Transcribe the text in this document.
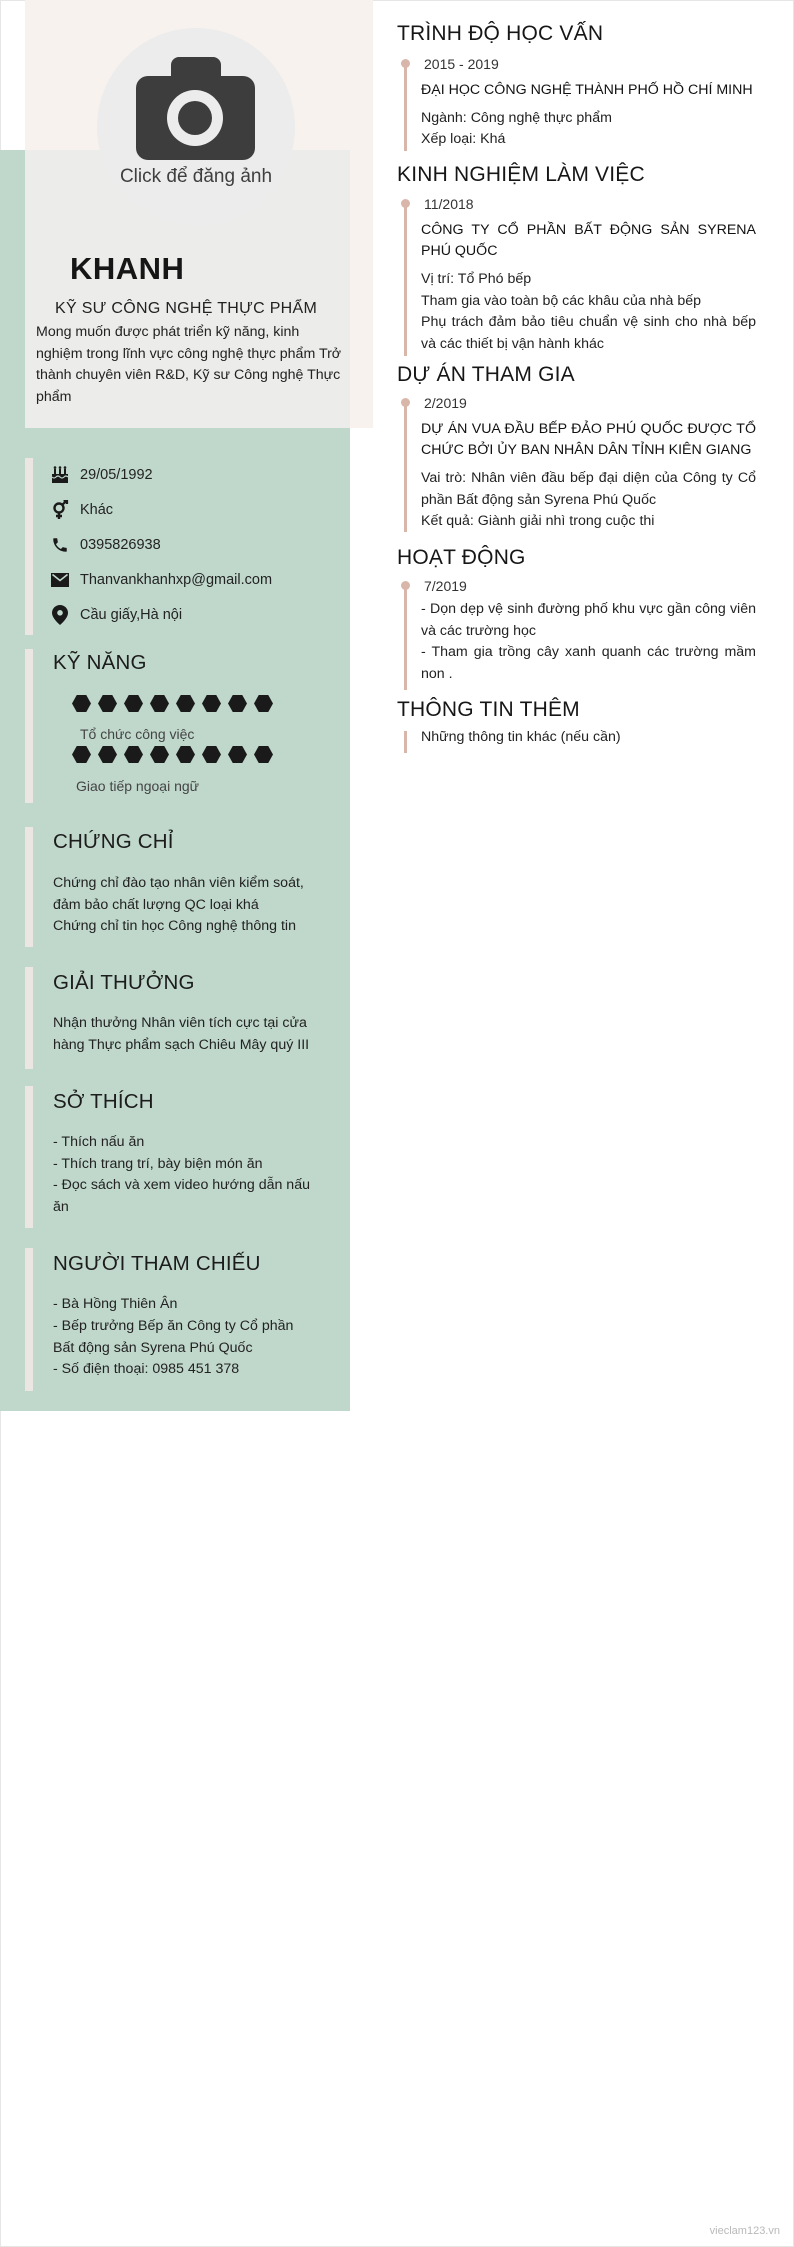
Click để đăng ảnh
KHANH
KỸ SƯ CÔNG NGHỆ THỰC PHẨM
Mong muốn được phát triển kỹ năng, kinh nghiệm trong lĩnh vực công nghệ thực phẩm Trở thành chuyên viên R&D, Kỹ sư Công nghệ Thực phẩm
29/05/1992
Khác
0395826938
Thanvankhanhxp@gmail.com
Cầu giấy,Hà nội
KỸ NĂNG
Tổ chức công việc
Giao tiếp ngoại ngữ
CHỨNG CHỈ
Chứng chỉ đào tạo nhân viên kiểm soát, đảm bảo chất lượng QC loại khá
Chứng chỉ tin học Công nghệ thông tin
GIẢI THƯỞNG
Nhận thưởng Nhân viên tích cực tại cửa hàng Thực phẩm sạch Chiêu Mây quý III
SỞ THÍCH
- Thích nấu ăn
- Thích trang trí, bày biện món ăn
- Đọc sách và xem video hướng dẫn nấu ăn
NGƯỜI THAM CHIẾU
- Bà Hồng Thiên Ân
- Bếp trưởng Bếp ăn Công ty Cổ phần Bất động sản Syrena Phú Quốc
- Số điện thoại: 0985 451 378
TRÌNH ĐỘ HỌC VẤN
2015 - 2019
ĐẠI HỌC CÔNG NGHỆ THÀNH PHỐ HỒ CHÍ MINH
Ngành: Công nghệ thực phẩm
Xếp loại: Khá
KINH NGHIỆM LÀM VIỆC
11/2018
CÔNG TY CỔ PHẦN BẤT ĐỘNG SẢN SYRENA PHÚ QUỐC
Vị trí: Tổ Phó bếp
Tham gia vào toàn bộ các khâu của nhà bếp
Phụ trách đảm bảo tiêu chuẩn vệ sinh cho nhà bếp và các thiết bị vận hành khác
DỰ ÁN THAM GIA
2/2019
DỰ ÁN VUA ĐẦU BẾP ĐẢO PHÚ QUỐC ĐƯỢC TỔ CHỨC BỞI ỦY BAN NHÂN DÂN TỈNH KIÊN GIANG
Vai trò: Nhân viên đầu bếp đại diện của Công ty Cổ phần Bất động sản Syrena Phú Quốc
Kết quả: Giành giải nhì trong cuộc thi
HOẠT ĐỘNG
7/2019
- Dọn dẹp vệ sinh đường phố khu vực gần công viên và các trường học
- Tham gia trồng cây xanh quanh các trường mầm non .
THÔNG TIN THÊM
Những thông tin khác (nếu cần)
vieclam123.vn
